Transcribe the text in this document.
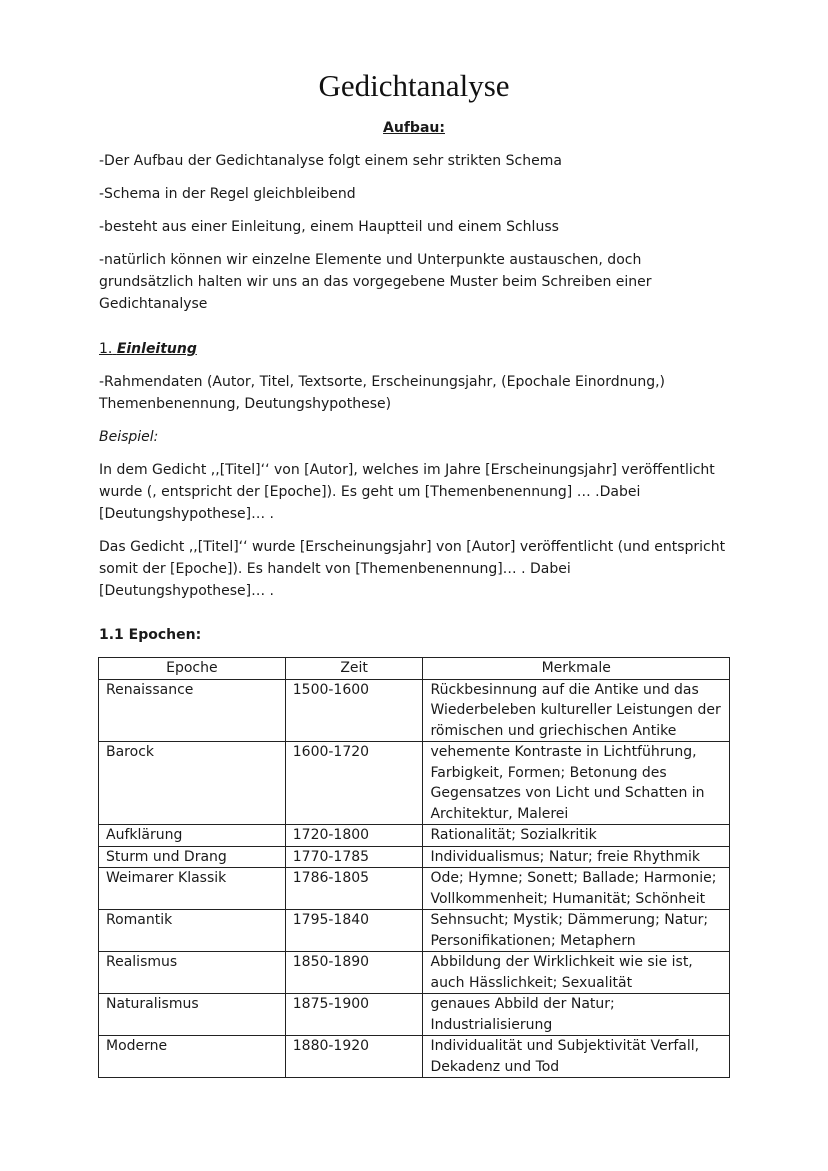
Gedichtanalyse
Aufbau:

-Der Aufbau der Gedichtanalyse folgt einem sehr strikten Schema

-Schema in der Regel gleichbleibend

-besteht aus einer Einleitung, einem Hauptteil und einem Schluss

-natürlich können wir einzelne Elemente und Unterpunkte austauschen, doch grundsätzlich halten wir uns an das vorgegebene Muster beim Schreiben einer Gedichtanalyse

1. Einleitung

-Rahmendaten (Autor, Titel, Textsorte, Erscheinungsjahr, (Epochale Einordnung,) Themenbenennung, Deutungshypothese)

Beispiel:

In dem Gedicht ,,[Titel]‘‘ von [Autor], welches im Jahre [Erscheinungsjahr] veröffentlicht wurde (, entspricht der [Epoche]). Es geht um [Themenbenennung] … .Dabei [Deutungshypothese]… .

Das Gedicht ,,[Titel]‘‘ wurde [Erscheinungsjahr] von [Autor] veröffentlicht (und entspricht somit der [Epoche]). Es handelt von [Themenbenennung]… . Dabei [Deutungshypothese]… .

1.1 Epochen:

Epoche	Zeit	Merkmale
Renaissance	1500-1600	Rückbesinnung auf die Antike und das Wiederbeleben kultureller Leistungen der römischen und griechischen Antike
Barock	1600-1720	vehemente Kontraste in Lichtführung, Farbigkeit, Formen; Betonung des Gegensatzes von Licht und Schatten in Architektur, Malerei
Aufklärung	1720-1800	Rationalität; Sozialkritik
Sturm und Drang	1770-1785	Individualismus; Natur; freie Rhythmik
Weimarer Klassik	1786-1805	Ode; Hymne; Sonett; Ballade; Harmonie; Vollkommenheit; Humanität; Schönheit
Romantik	1795-1840	Sehnsucht; Mystik; Dämmerung; Natur; Personifikationen; Metaphern
Realismus	1850-1890	Abbildung der Wirklichkeit wie sie ist, auch Hässlichkeit; Sexualität
Naturalismus	1875-1900	genaues Abbild der Natur; Industrialisierung
Moderne	1880-1920	Individualität und Subjektivität Verfall, Dekadenz und Tod
